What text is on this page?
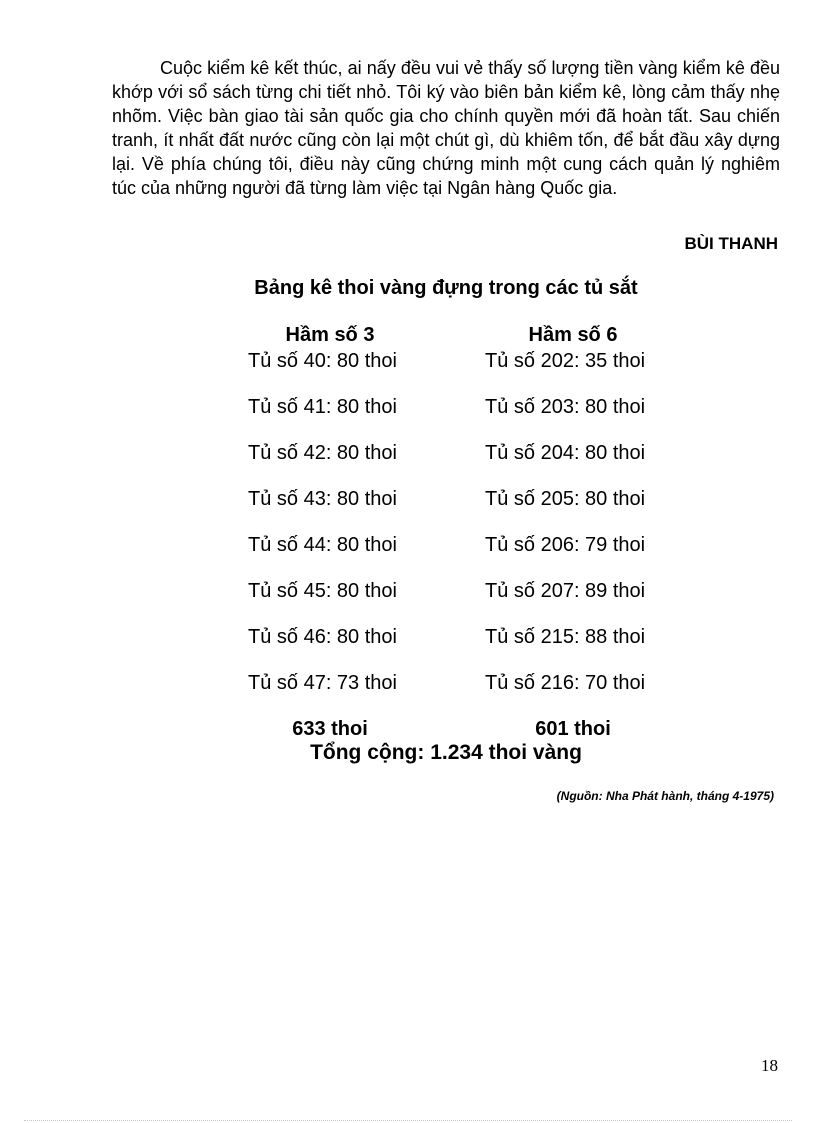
Cuộc kiểm kê kết thúc, ai nấy đều vui vẻ thấy số lượng tiền vàng kiểm kê đều khớp với sổ sách từng chi tiết nhỏ. Tôi ký vào biên bản kiểm kê, lòng cảm thấy nhẹ nhõm. Việc bàn giao tài sản quốc gia cho chính quyền mới đã hoàn tất. Sau chiến tranh, ít nhất đất nước cũng còn lại một chút gì, dù khiêm tốn, để bắt đầu xây dựng lại. Về phía chúng tôi, điều này cũng chứng minh một cung cách quản lý nghiêm túc của những người đã từng làm việc tại Ngân hàng Quốc gia.

BÙI THANH

Bảng kê thoi vàng đựng trong các tủ sắt

Hầm số 3
Tủ số 40: 80 thoi
Tủ số 41: 80 thoi
Tủ số 42: 80 thoi
Tủ số 43: 80 thoi
Tủ số 44: 80 thoi
Tủ số 45: 80 thoi
Tủ số 46: 80 thoi
Tủ số 47: 73 thoi
633 thoi
Hầm số 6
Tủ số 202: 35 thoi
Tủ số 203: 80 thoi
Tủ số 204: 80 thoi
Tủ số 205: 80 thoi
Tủ số 206: 79 thoi
Tủ số 207: 89 thoi
Tủ số 215: 88 thoi
Tủ số 216: 70 thoi
601 thoi

Tổng cộng: 1.234 thoi vàng

(Nguồn: Nha Phát hành, tháng 4-1975)

18
